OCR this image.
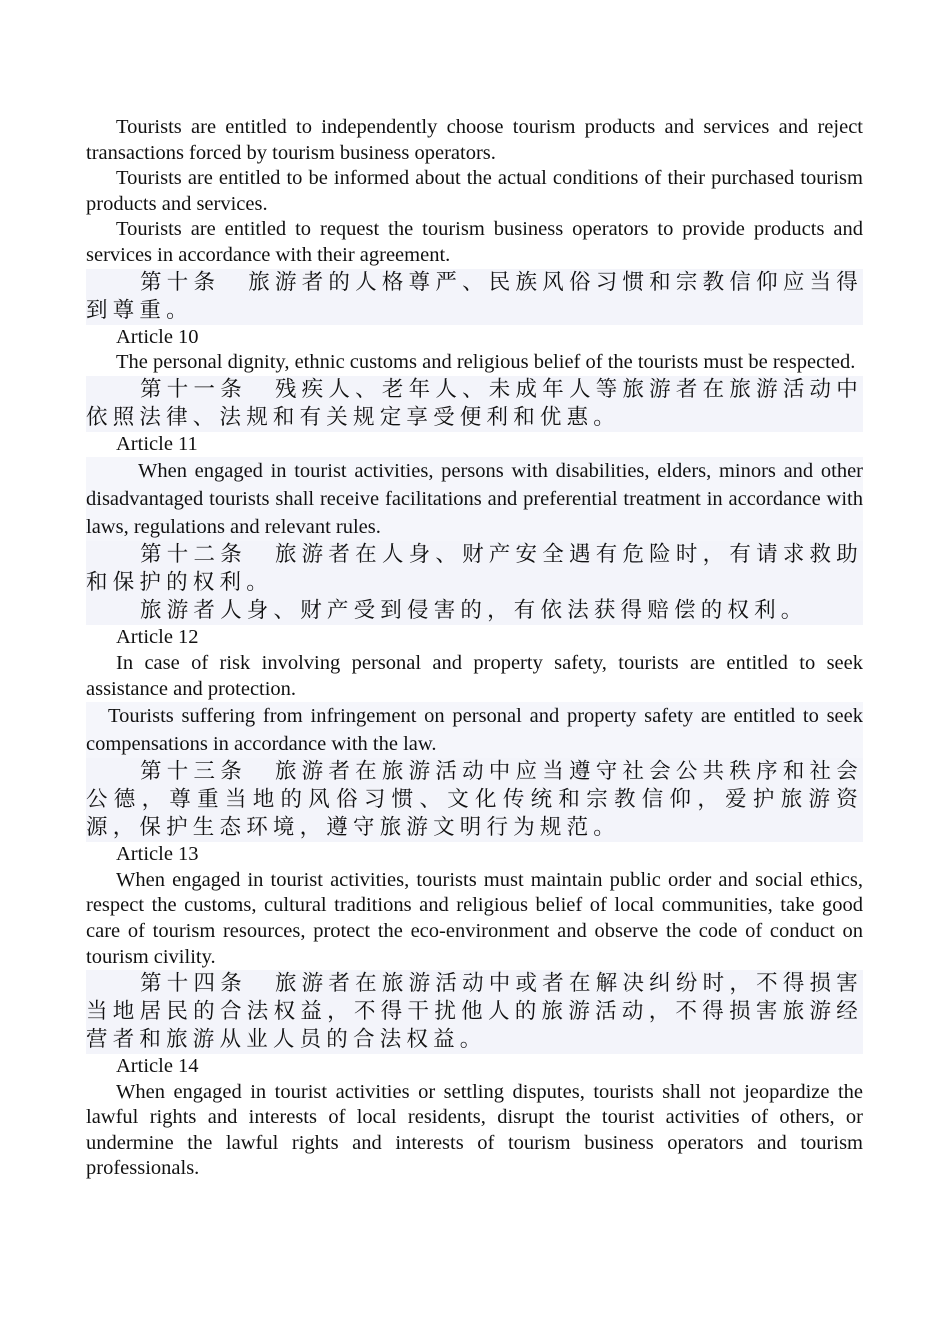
Tourists are entitled to independently choose tourism products and services and reject transactions forced by tourism business operators.

Tourists are entitled to be informed about the actual conditions of their purchased tourism products and services.

Tourists are entitled to request the tourism business operators to provide products and services in accordance with their agreement.

第十条 旅游者的人格尊严、民族风俗习惯和宗教信仰应当得到尊重。

Article 10

The personal dignity, ethnic customs and religious belief of the tourists must be respected.

第十一条 残疾人、老年人、未成年人等旅游者在旅游活动中依照法律、法规和有关规定享受便利和优惠。

Article 11

When engaged in tourist activities, persons with disabilities, elders, minors and other disadvantaged tourists shall receive facilitations and preferential treatment in accordance with laws, regulations and relevant rules.

第十二条 旅游者在人身、财产安全遇有危险时，有请求救助和保护的权利。

旅游者人身、财产受到侵害的，有依法获得赔偿的权利。

Article 12

In case of risk involving personal and property safety, tourists are entitled to seek assistance and protection.

Tourists suffering from infringement on personal and property safety are entitled to seek compensations in accordance with the law.

第十三条 旅游者在旅游活动中应当遵守社会公共秩序和社会公德，尊重当地的风俗习惯、文化传统和宗教信仰，爱护旅游资源，保护生态环境，遵守旅游文明行为规范。

Article 13

When engaged in tourist activities, tourists must maintain public order and social ethics, respect the customs, cultural traditions and religious belief of local communities, take good care of tourism resources, protect the eco-environment and observe the code of conduct on tourism civility.

第十四条 旅游者在旅游活动中或者在解决纠纷时，不得损害当地居民的合法权益，不得干扰他人的旅游活动，不得损害旅游经营者和旅游从业人员的合法权益。

Article 14

When engaged in tourist activities or settling disputes, tourists shall not jeopardize the lawful rights and interests of local residents, disrupt the tourist activities of others, or undermine the lawful rights and interests of tourism business operators and tourism professionals.
